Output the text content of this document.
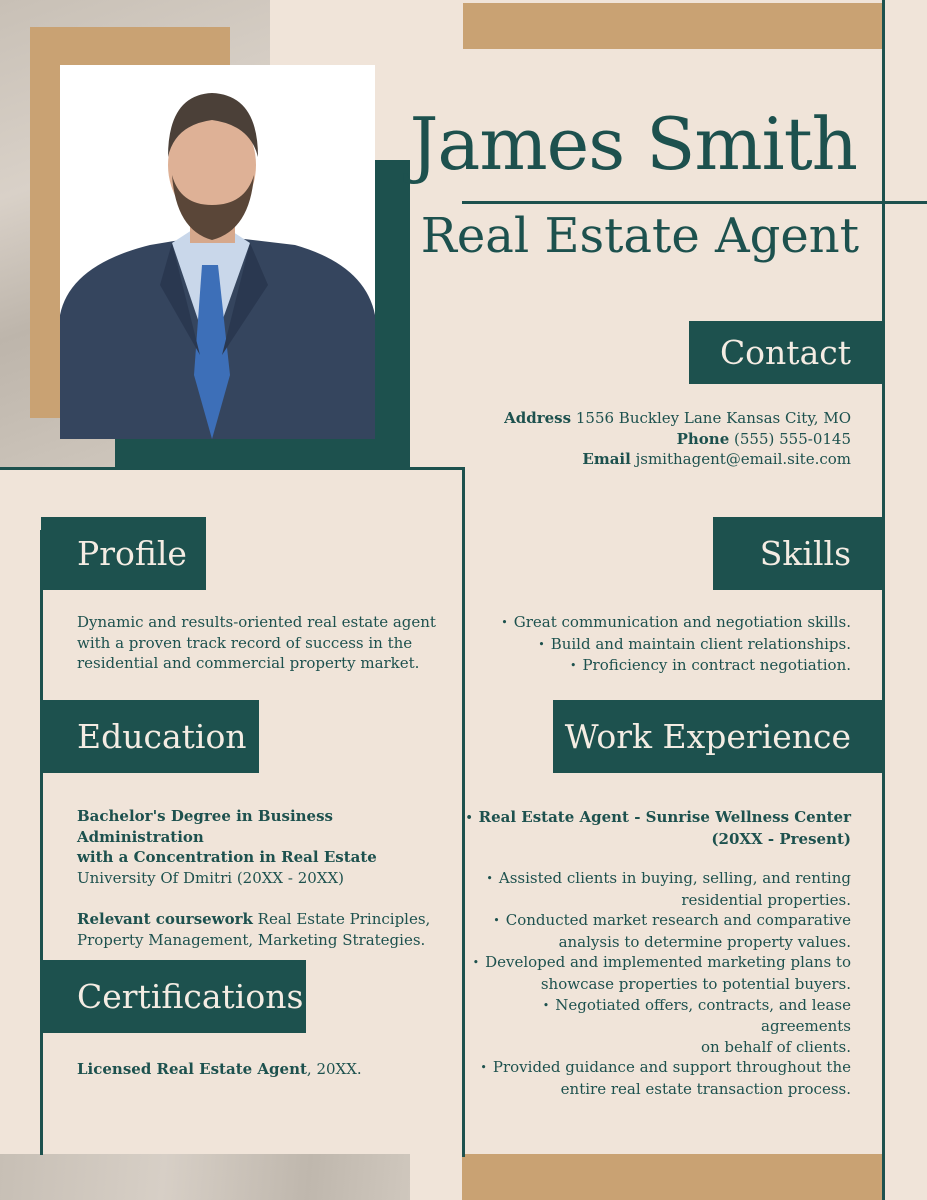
James Smith
Real Estate Agent
Contact
Address 1556 Buckley Lane Kansas City, MO
Phone (555) 555-0145
Email jsmithagent@email.site.com
Profile
Dynamic and results-oriented real estate agent
with a proven track record of success in the
residential and commercial property market.
Skills
• Great communication and negotiation skills.
• Build and maintain client relationships.
• Proficiency in contract negotiation.
Education
Bachelor's Degree in Business Administration
with a Concentration in Real Estate
University Of Dmitri (20XX - 20XX)
Relevant coursework Real Estate Principles,
Property Management, Marketing Strategies.
Work Experience
• Real Estate Agent - Sunrise Wellness Center
(20XX - Present)
• Assisted clients in buying, selling, and renting
residential properties.
• Conducted market research and comparative
analysis to determine property values.
• Developed and implemented marketing plans to
showcase properties to potential buyers.
• Negotiated offers, contracts, and lease agreements
on behalf of clients.
• Provided guidance and support throughout the
entire real estate transaction process.
Certifications
Licensed Real Estate Agent, 20XX.
